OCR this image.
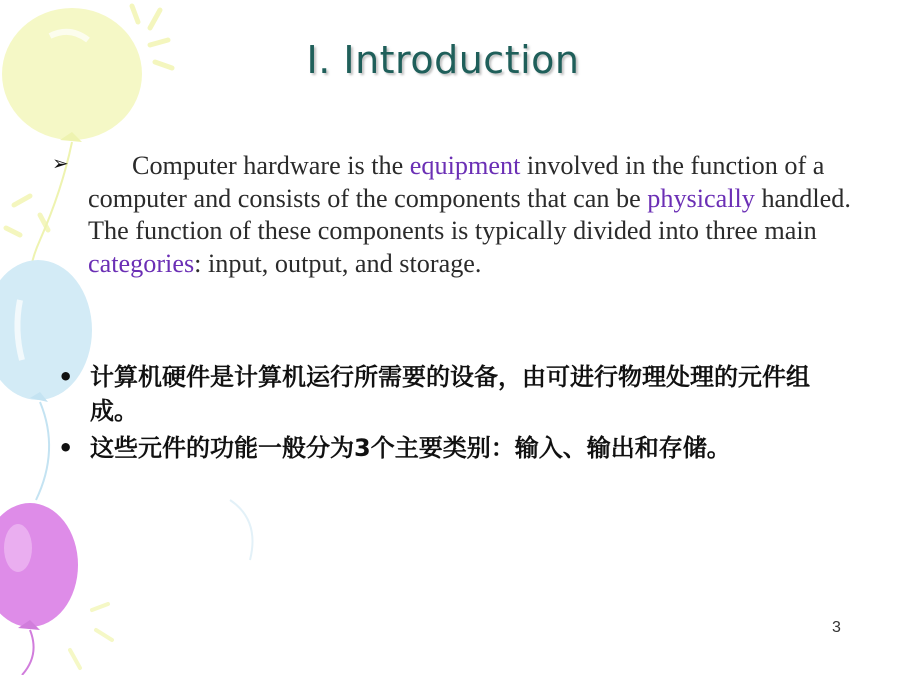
I. Introduction
➢	Computer hardware is the equipment involved in the function of a computer and consists of the components that can be physically handled. The function of these components is typically divided into three main categories: input, output, and storage.

• 计算机硬件是计算机运行所需要的设备，由可进行物理处理的元件组成。
• 这些元件的功能一般分为3个主要类别：输入、输出和存储。
3
